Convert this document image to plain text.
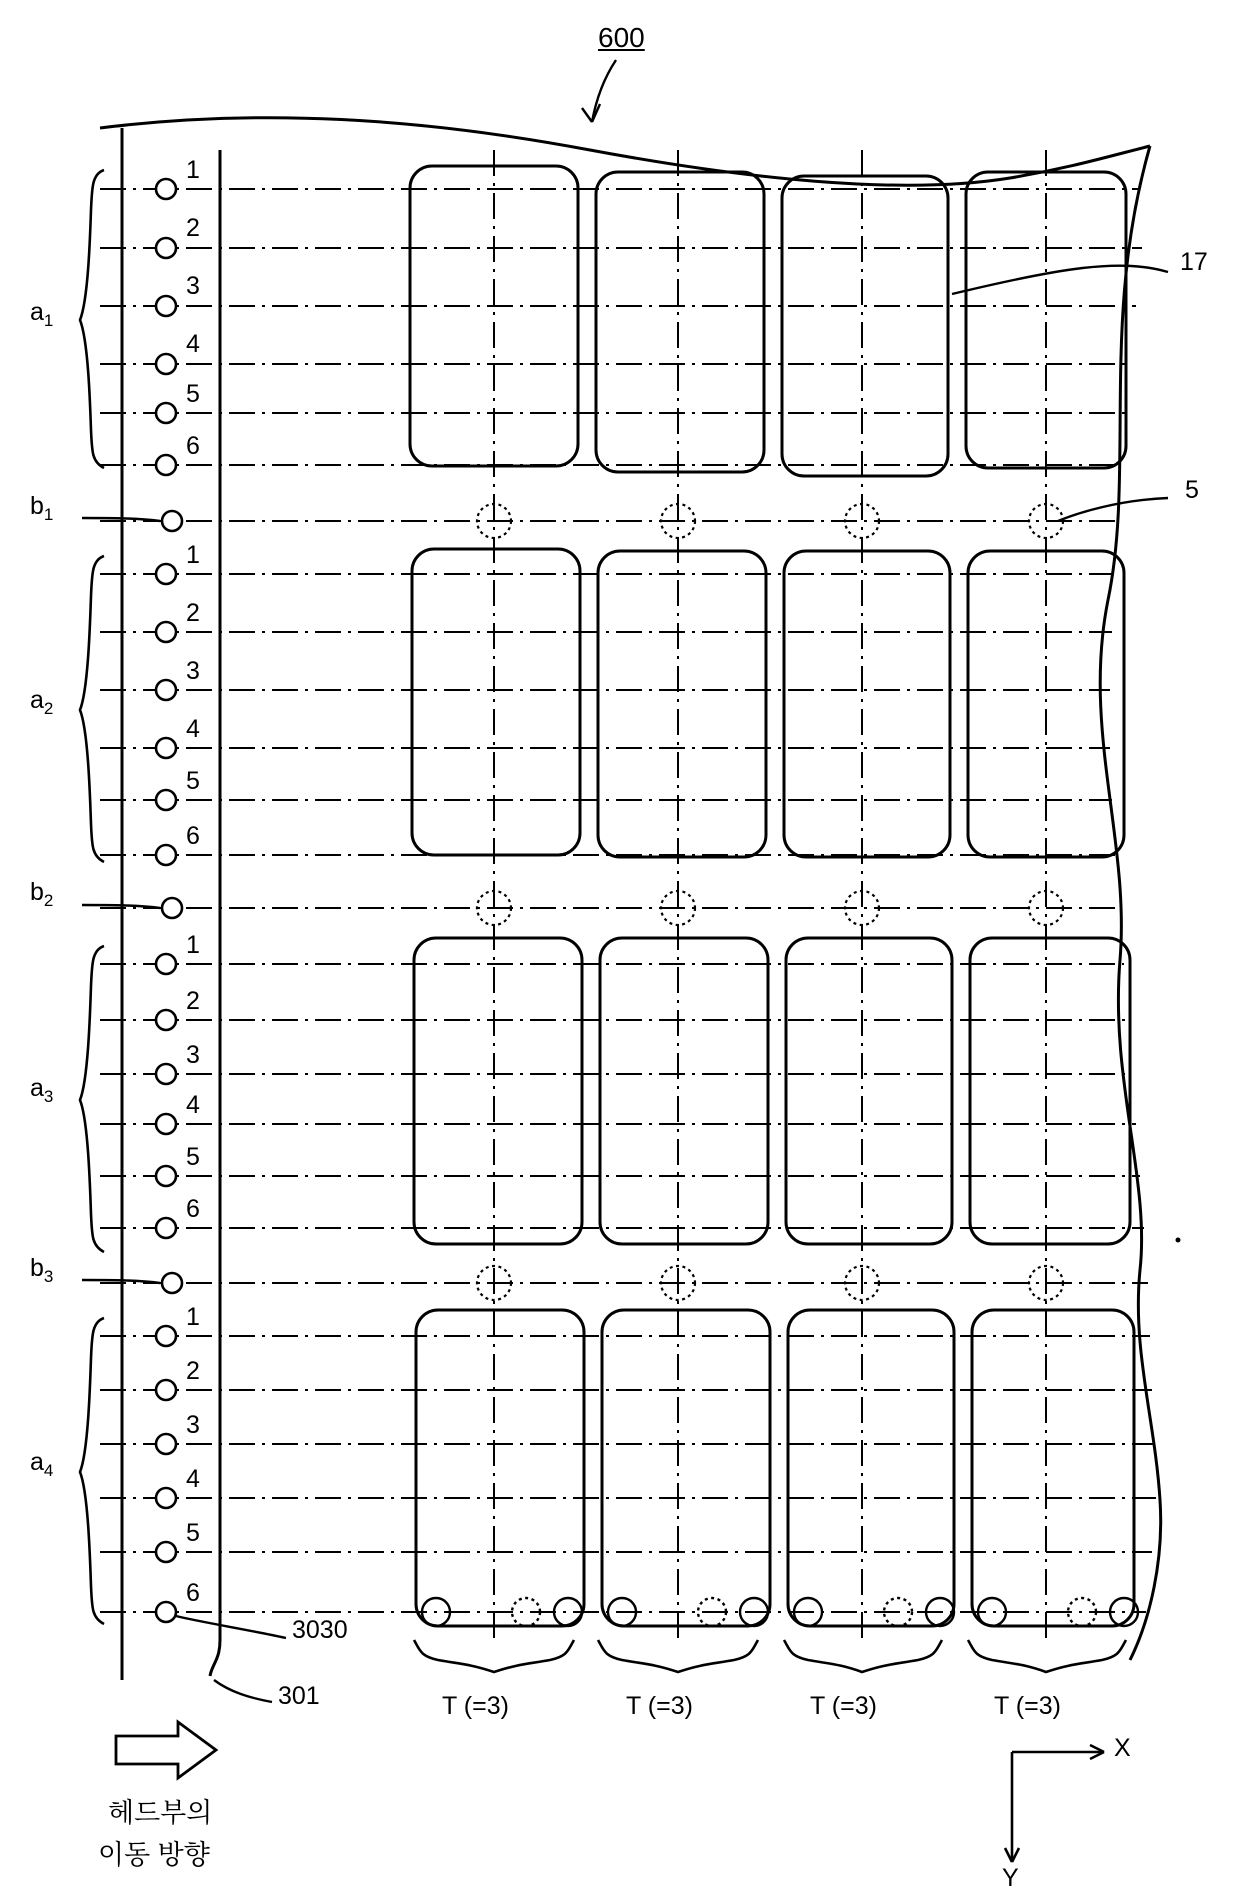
600
17
5
3030
301
$a_1$
$b_1$
$a_2$
$b_2$
$a_3$
$b_3$
$a_4$
1
2
3
4
5
6
1
2
3
4
5
6
1
2
3
4
5
6
1
2
3
4
5
6
T (=3)	T (=3)	T (=3)	T (=3)
헤드부의
이동 방향
X
Y
